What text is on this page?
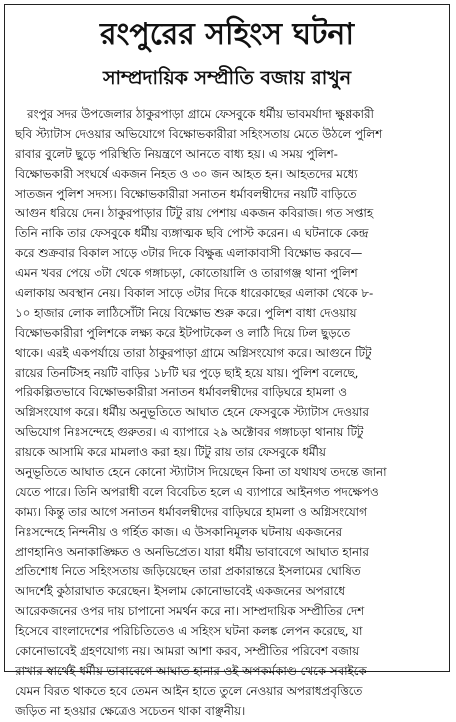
রংপুরের সহিংস ঘটনা
সাম্প্রদায়িক সম্প্রীতি বজায় রাখুন
রংপুর সদর উপজেলার ঠাকুরপাড়া গ্রামে ফেসবুকে ধর্মীয় ভাবমর্যাদা ক্ষুণ্ণকারী
ছবি স্ট্যাটাস দেওয়ার অভিযোগে বিক্ষোভকারীরা সহিংসতায় মেতে উঠলে পুলিশ
রাবার বুলেট ছুড়ে পরিস্থিতি নিয়ন্ত্রণে আনতে বাধ্য হয়। এ সময় পুলিশ-
বিক্ষোভকারী সংঘর্ষে একজন নিহত ও ৩০ জন আহত হন। আহতদের মধ্যে
সাতজন পুলিশ সদস্য। বিক্ষোভকারীরা সনাতন ধর্মাবলম্বীদের নয়টি বাড়িতে
আগুন ধরিয়ে দেন। ঠাকুরপাড়ার টিটু রায় পেশায় একজন কবিরাজ। গত সপ্তাহ
তিনি নাকি তার ফেসবুকে ধর্মীয় ব্যঙ্গাত্মক ছবি পোস্ট করেন। এ ঘটনাকে কেন্দ্র
করে শুক্রবার বিকাল সাড়ে ৩টার দিকে বিক্ষুব্ধ এলাকাবাসী বিক্ষোভ করবে—
এমন খবর পেয়ে ৩টা থেকে গঙ্গাচড়া, কোতোয়ালি ও তারাগঞ্জ থানা পুলিশ
এলাকায় অবস্থান নেয়। বিকাল সাড়ে ৩টার দিকে ধারেকাছের এলাকা থেকে ৮-
১০ হাজার লোক লাঠিসোঁটা নিয়ে বিক্ষোভ শুরু করে। পুলিশ বাধা দেওয়ায়
বিক্ষোভকারীরা পুলিশকে লক্ষ্য করে ইটপাটকেল ও লাঠি দিয়ে ঢিল ছুড়তে
থাকে। এরই একপর্যায়ে তারা ঠাকুরপাড়া গ্রামে অগ্নিসংযোগ করে। আগুনে টিটু
রায়ের তিনটিসহ নয়টি বাড়ির ১৮টি ঘর পুড়ে ছাই হয়ে যায়। পুলিশ বলেছে,
পরিকল্পিতভাবে বিক্ষোভকারীরা সনাতন ধর্মাবলম্বীদের বাড়িঘরে হামলা ও
অগ্নিসংযোগ করে। ধর্মীয় অনুভূতিতে আঘাত হেনে ফেসবুকে স্ট্যাটাস দেওয়ার
অভিযোগ নিঃসন্দেহে গুরুতর। এ ব্যাপারে ২৯ অক্টোবর গঙ্গাচড়া থানায় টিটু
রায়কে আসামি করে মামলাও করা হয়। টিটু রায় তার ফেসবুকে ধর্মীয়
অনুভূতিতে আঘাত হেনে কোনো স্ট্যাটাস দিয়েছেন কিনা তা যথাযথ তদন্তে জানা
যেতে পারে। তিনি অপরাধী বলে বিবেচিত হলে এ ব্যাপারে আইনগত পদক্ষেপও
কাম্য। কিন্তু তার আগে সনাতন ধর্মাবলম্বীদের বাড়িঘরে হামলা ও অগ্নিসংযোগ
নিঃসন্দেহে নিন্দনীয় ও গর্হিত কাজ। এ উসকানিমূলক ঘটনায় একজনের
প্রাণহানিও অনাকাঙ্ক্ষিত ও অনভিপ্রেত। যারা ধর্মীয় ভাবাবেগে আঘাত হানার
প্রতিশোধ নিতে সহিংসতায় জড়িয়েছেন তারা প্রকারান্তরে ইসলামের ঘোষিত
আদর্শেই কুঠারাঘাত করেছেন। ইসলাম কোনোভাবেই একজনের অপরাধে
আরেকজনের ওপর দায় চাপানো সমর্থন করে না। সাম্প্রদায়িক সম্প্রীতির দেশ
হিসেবে বাংলাদেশের পরিচিতিতেও এ সহিংস ঘটনা কলঙ্ক লেপন করেছে, যা
কোনোভাবেই গ্রহণযোগ্য নয়। আমরা আশা করব, সম্প্রীতির পরিবেশ বজায়
রাখার স্বার্থেই ধর্মীয় ভাবাবেগে আঘাত হানার ওই অপকর্মকাণ্ড থেকে সবাইকে
যেমন বিরত থাকতে হবে তেমন আইন হাতে তুলে নেওয়ার অপরাধপ্রবৃত্তিতে
জড়িত না হওয়ার ক্ষেত্রেও সচেতন থাকা বাঞ্ছনীয়।
